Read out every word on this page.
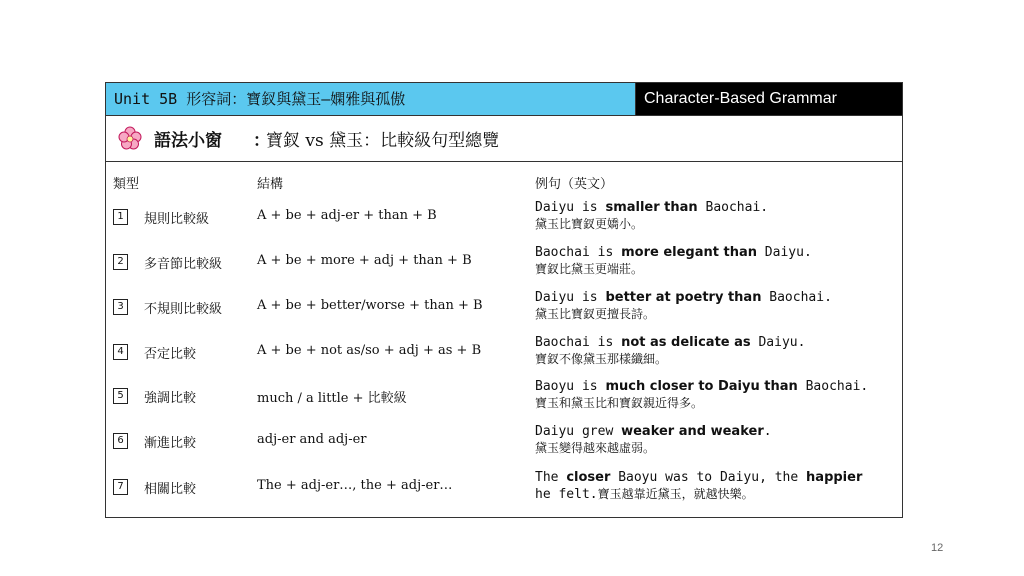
Unit 5B 形容詞：寶釵與黛玉—嫻雅與孤傲	Character-Based Grammar
語法小窗 ：
寶釵 vs 黛玉：比較級句型總覽
類型	結構	例句（英文）
1	規則比較級	A + be + adj-er + than + B
Daiyu is smaller than Baochai.
黛玉比寶釵更嬌小。
2	多音節比較級	A + be + more + adj + than + B
Baochai is more elegant than Daiyu.
寶釵比黛玉更端莊。
3	不規則比較級	A + be + better/worse + than + B
Daiyu is better at poetry than Baochai.
黛玉比寶釵更擅長詩。
4	否定比較	A + be + not as/so + adj + as + B
Baochai is not as delicate as Daiyu.
寶釵不像黛玉那樣纖細。
5	強調比較	much / a little + 比較級
Baoyu is much closer to Daiyu than Baochai.
寶玉和黛玉比和寶釵親近得多。
6	漸進比較	adj-er and adj-er
Daiyu grew weaker and weaker.
黛玉變得越來越虛弱。
7	相關比較	The + adj-er…, the + adj-er…
The closer Baoyu was to Daiyu, the happier
he felt.寶玉越靠近黛玉，就越快樂。
12
